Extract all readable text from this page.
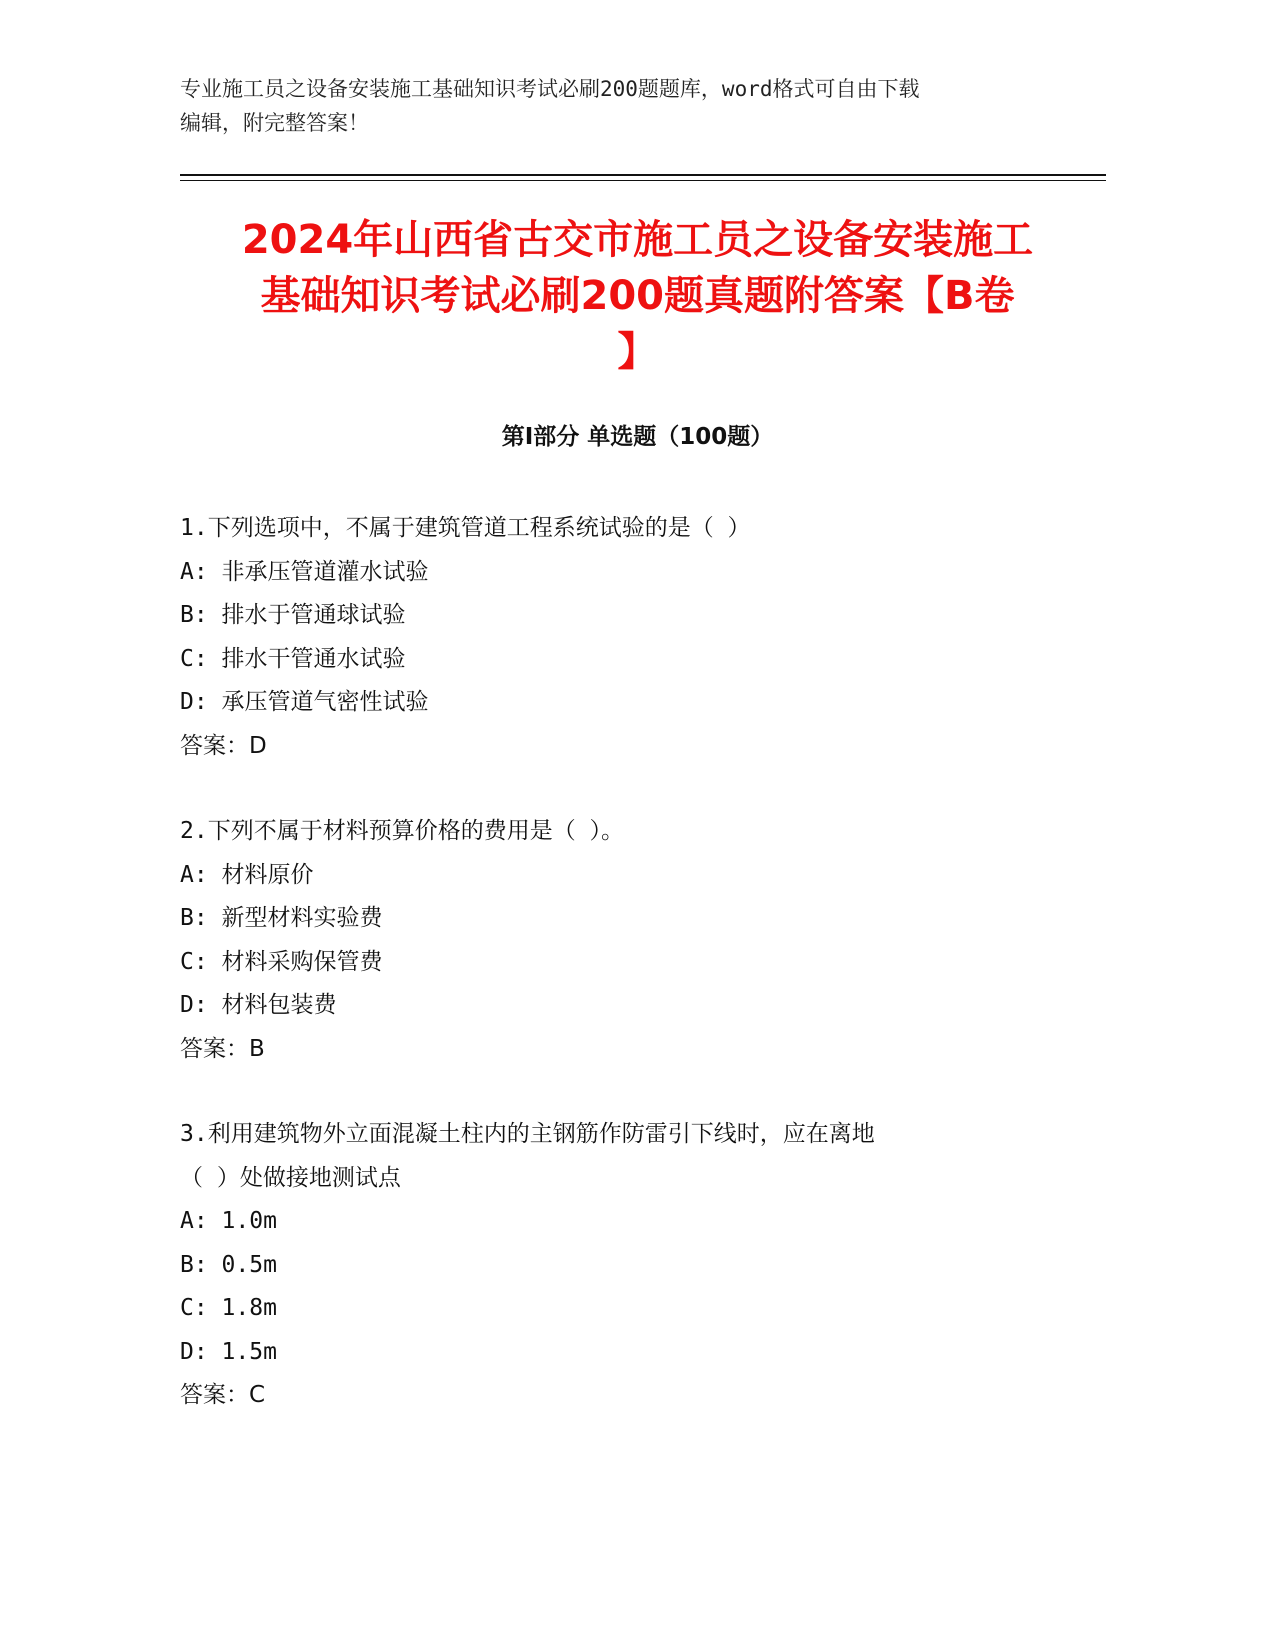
专业施工员之设备安装施工基础知识考试必刷200题题库，word格式可自由下载
编辑，附完整答案！
2024年山西省古交市施工员之设备安装施工
基础知识考试必刷200题真题附答案【B卷
】
第Ⅰ部分 单选题（100题）
1.下列选项中，不属于建筑管道工程系统试验的是（ ）
A: 非承压管道灌水试验
B: 排水于管通球试验
C: 排水干管通水试验
D: 承压管道气密性试验
答案：D
2.下列不属于材料预算价格的费用是（ ）。
A: 材料原价
B: 新型材料实验费
C: 材料采购保管费
D: 材料包装费
答案：B
3.利用建筑物外立面混凝土柱内的主钢筋作防雷引下线时，应在离地
（ ）处做接地测试点
A: 1.0m
B: 0.5m
C: 1.8m
D: 1.5m
答案：C
